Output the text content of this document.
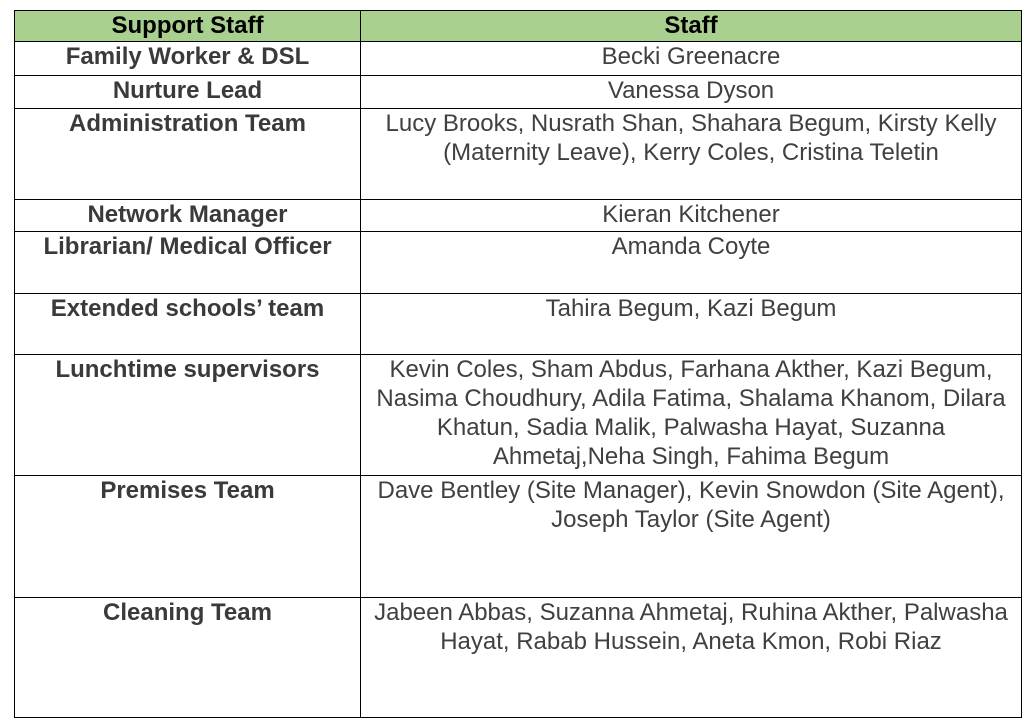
Support Staff	Staff
Family Worker & DSL	Becki Greenacre
Nurture Lead	Vanessa Dyson
Administration Team	Lucy Brooks, Nusrath Shan, Shahara Begum, Kirsty Kelly (Maternity Leave), Kerry Coles, Cristina Teletin
Network Manager	Kieran Kitchener
Librarian/ Medical Officer	Amanda Coyte
Extended schools’ team	Tahira Begum, Kazi Begum
Lunchtime supervisors	Kevin Coles, Sham Abdus, Farhana Akther, Kazi Begum, Nasima Choudhury, Adila Fatima, Shalama Khanom, Dilara Khatun, Sadia Malik, Palwasha Hayat, Suzanna Ahmetaj,Neha Singh, Fahima Begum
Premises Team	Dave Bentley (Site Manager), Kevin Snowdon (Site Agent), Joseph Taylor (Site Agent)
Cleaning Team	Jabeen Abbas, Suzanna Ahmetaj, Ruhina Akther, Palwasha Hayat, Rabab Hussein, Aneta Kmon, Robi Riaz
